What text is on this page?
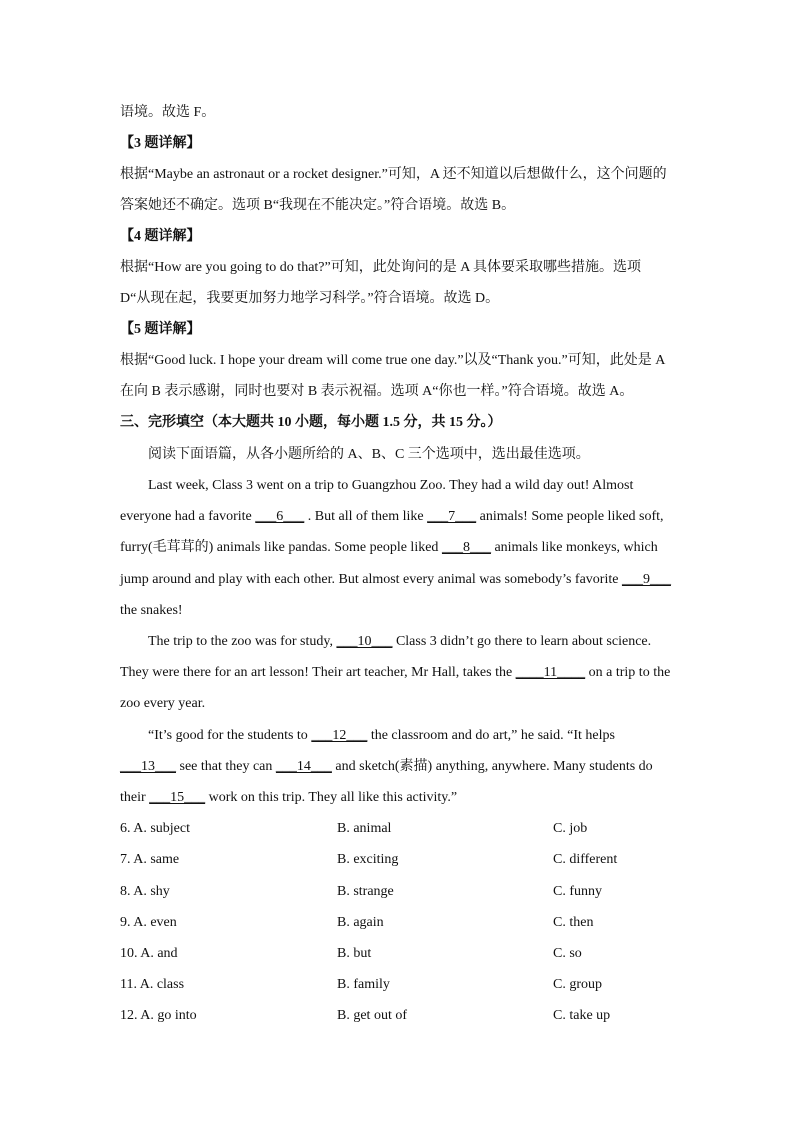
语境。故选 F。
【3 题详解】
根据“Maybe an astronaut or a rocket designer.”可知，A 还不知道以后想做什么，这个问题的
答案她还不确定。选项 B“我现在不能决定。”符合语境。故选 B。
【4 题详解】
根据“How are you going to do that?”可知，此处询问的是 A 具体要采取哪些措施。选项
D“从现在起，我要更加努力地学习科学。”符合语境。故选 D。
【5 题详解】
根据“Good luck. I hope your dream will come true one day.”以及“Thank you.”可知，此处是 A
在向 B 表示感谢，同时也要对 B 表示祝福。选项 A“你也一样。”符合语境。故选 A。
三、完形填空（本大题共 10 小题，每小题 1.5 分，共 15 分。）
阅读下面语篇，从各小题所给的 A、B、C 三个选项中，选出最佳选项。
Last week, Class 3 went on a trip to Guangzhou Zoo. They had a wild day out! Almost
everyone had a favorite ___6___ . But all of them like ___7___ animals! Some people liked soft,
furry(毛茸茸的) animals like pandas. Some people liked ___8___ animals like monkeys, which
jump around and play with each other. But almost every animal was somebody’s favorite ___9___
the snakes!
The trip to the zoo was for study, ___10___ Class 3 didn’t go there to learn about science.
They were there for an art lesson! Their art teacher, Mr Hall, takes the ____11____ on a trip to the
zoo every year.
“It’s good for the students to ___12___ the classroom and do art,” he said. “It helps
___13___ see that they can ___14___ and sketch(素描) anything, anywhere. Many students do
their ___15___ work on this trip. They all like this activity.”
6. A. subject	B. animal	C. job
7. A. same	B. exciting	C. different
8. A. shy	B. strange	C. funny
9. A. even	B. again	C. then
10. A. and	B. but	C. so
11. A. class	B. family	C. group
12. A. go into	B. get out of	C. take up
